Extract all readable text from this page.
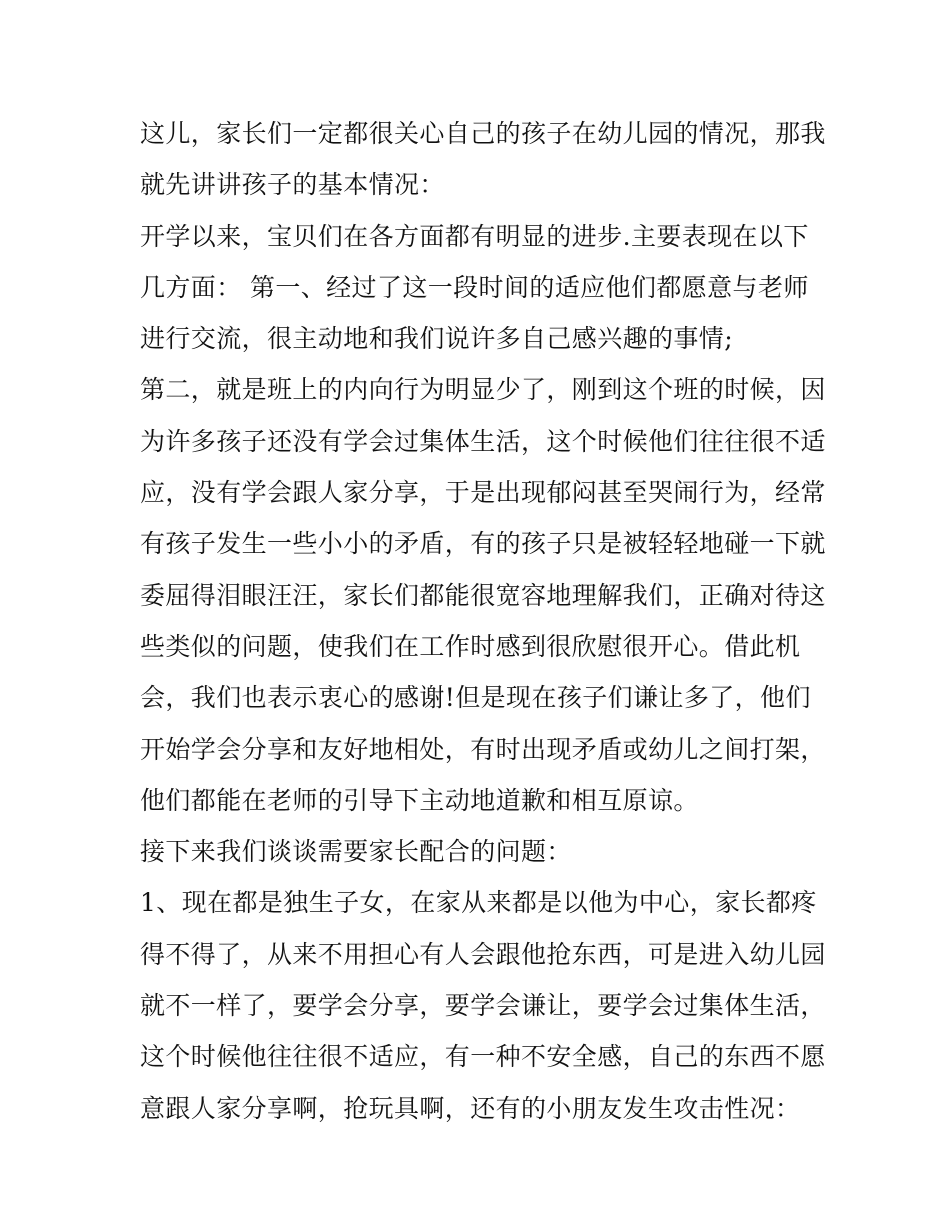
这儿，家长们一定都很关心自己的孩子在幼儿园的情况，那我
就先讲讲孩子的基本情况：
开学以来，宝贝们在各方面都有明显的进步.主要表现在以下
几方面： 第一、经过了这一段时间的适应他们都愿意与老师
进行交流，很主动地和我们说许多自己感兴趣的事情;
第二，就是班上的内向行为明显少了，刚到这个班的时候，因
为许多孩子还没有学会过集体生活，这个时候他们往往很不适
应，没有学会跟人家分享，于是出现郁闷甚至哭闹行为，经常
有孩子发生一些小小的矛盾，有的孩子只是被轻轻地碰一下就
委屈得泪眼汪汪，家长们都能很宽容地理解我们，正确对待这
些类似的问题，使我们在工作时感到很欣慰很开心。借此机
会，我们也表示衷心的感谢!但是现在孩子们谦让多了，他们
开始学会分享和友好地相处，有时出现矛盾或幼儿之间打架，
他们都能在老师的引导下主动地道歉和相互原谅。
接下来我们谈谈需要家长配合的问题：
1、现在都是独生子女，在家从来都是以他为中心，家长都疼
得不得了，从来不用担心有人会跟他抢东西，可是进入幼儿园
就不一样了，要学会分享，要学会谦让，要学会过集体生活，
这个时候他往往很不适应，有一种不安全感，自己的东西不愿
意跟人家分享啊，抢玩具啊，还有的小朋友发生攻击性况：
